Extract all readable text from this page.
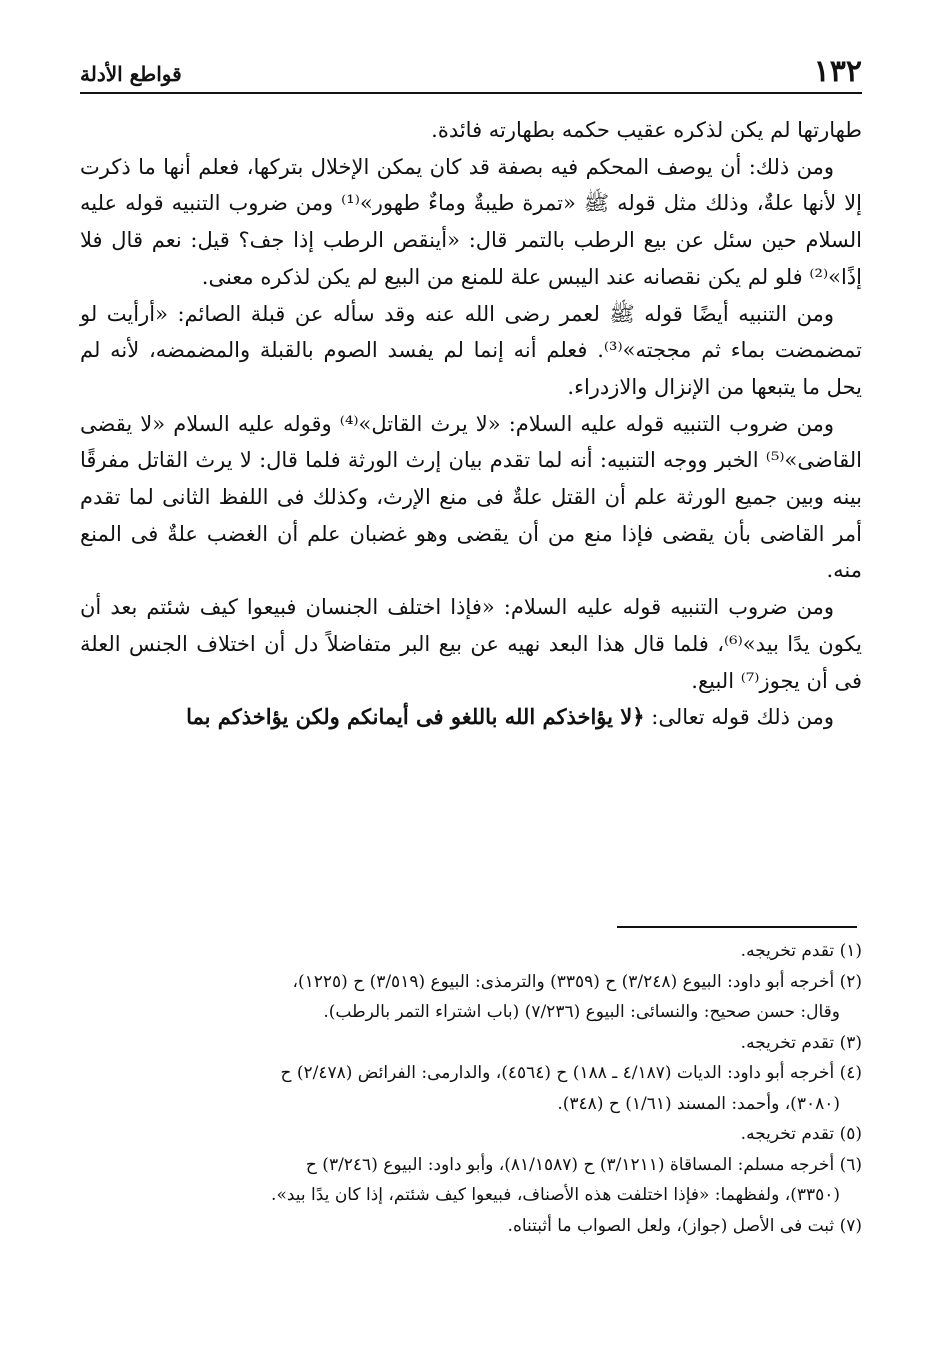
١٣٢
قواطع الأدلة

طهارتها لم يكن لذكره عقيب حكمه بطهارته فائدة.

ومن ذلك: أن يوصف المحكم فيه بصفة قد كان يمكن الإخلال بتركها، فعلم أنها ما ذكرت إلا لأنها علةٌ، وذلك مثل قوله ﷺ «تمرة طيبةٌ وماءٌ طهور»⁽¹⁾ ومن ضروب التنبيه قوله عليه السلام حين سئل عن بيع الرطب بالتمر قال: «أينقص الرطب إذا جف؟ قيل: نعم قال فلا إذًا»⁽²⁾ فلو لم يكن نقصانه عند اليبس علة للمنع من البيع لم يكن لذكره معنى.

ومن التنبيه أيضًا قوله ﷺ لعمر رضى الله عنه وقد سأله عن قبلة الصائم: «أرأيت لو تمضمضت بماء ثم مججته»⁽³⁾. فعلم أنه إنما لم يفسد الصوم بالقبلة والمضمضه، لأنه لم يحل ما يتبعها من الإنزال والازدراء.

ومن ضروب التنبيه قوله عليه السلام: «لا يرث القاتل»⁽⁴⁾ وقوله عليه السلام «لا يقضى القاضى»⁽⁵⁾ الخبر ووجه التنبيه: أنه لما تقدم بيان إرث الورثة فلما قال: لا يرث القاتل مفرقًا بينه وبين جميع الورثة علم أن القتل علةٌ فى منع الإرث، وكذلك فى اللفظ الثانى لما تقدم أمر القاضى بأن يقضى فإذا منع من أن يقضى وهو غضبان علم أن الغضب علةٌ فى المنع منه.

ومن ضروب التنبيه قوله عليه السلام: «فإذا اختلف الجنسان فبيعوا كيف شئتم بعد أن يكون يدًا بيد»⁽⁶⁾، فلما قال هذا البعد نهيه عن بيع البر متفاضلاً دل أن اختلاف الجنس العلة فى أن يجوز⁽⁷⁾ البيع.

ومن ذلك قوله تعالى: ﴿لا يؤاخذكم الله باللغو فى أيمانكم ولكن يؤاخذكم بما

(١) تقدم تخريجه.

(٢) أخرجه أبو داود: البيوع (٣/٢٤٨) ح (٣٣٥٩) والترمذى: البيوع (٣/٥١٩) ح (١٢٢٥)،
وقال: حسن صحيح: والنسائى: البيوع (٧/٢٣٦) (باب اشتراء التمر بالرطب).

(٣) تقدم تخريجه.

(٤) أخرجه أبو داود: الديات (٤/١٨٧ ـ ١٨٨) ح (٤٥٦٤)، والدارمى: الفرائض (٢/٤٧٨) ح
(٣٠٨٠)، وأحمد: المسند (١/٦١) ح (٣٤٨).

(٥) تقدم تخريجه.

(٦) أخرجه مسلم: المساقاة (٣/١٢١١) ح (٨١/١٥٨٧)، وأبو داود: البيوع (٣/٢٤٦) ح
(٣٣٥٠)، ولفظهما: «فإذا اختلفت هذه الأصناف، فبيعوا كيف شئتم، إذا كان يدًا بيد».

(٧) ثبت فى الأصل (جواز)، ولعل الصواب ما أثبتناه.
